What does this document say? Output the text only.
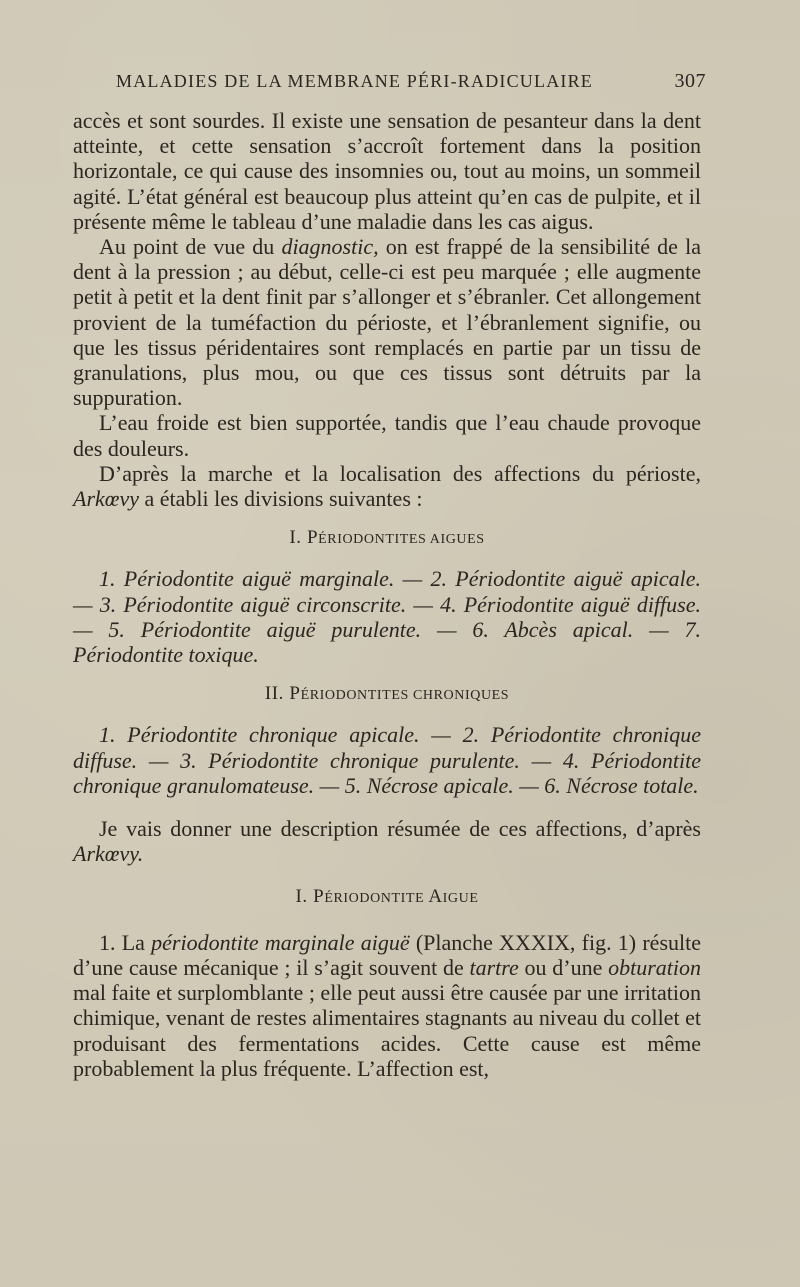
MALADIES DE LA MEMBRANE PÉRI-RADICULAIRE	307

accès et sont sourdes. Il existe une sensation de pesanteur dans la dent atteinte, et cette sensation s’accroît fortement dans la position horizontale, ce qui cause des insomnies ou, tout au moins, un sommeil agité. L’état général est beaucoup plus atteint qu’en cas de pulpite, et il présente même le tableau d’une maladie dans les cas aigus.

Au point de vue du diagnostic, on est frappé de la sensibilité de la dent à la pression ; au début, celle-ci est peu marquée ; elle augmente petit à petit et la dent finit par s’allonger et s’ébranler. Cet allongement provient de la tuméfaction du périoste, et l’ébranlement signifie, ou que les tissus péridentaires sont remplacés en partie par un tissu de granulations, plus mou, ou que ces tissus sont détruits par la suppuration.

L’eau froide est bien supportée, tandis que l’eau chaude provoque des douleurs.

D’après la marche et la localisation des affections du périoste, Arkœvy a établi les divisions suivantes :

I. PÉRIODONTITES AIGUES

1. Périodontite aiguë marginale. — 2. Périodontite aiguë apicale. — 3. Périodontite aiguë circonscrite. — 4. Périodontite aiguë diffuse. — 5. Périodontite aiguë purulente. — 6. Abcès apical. — 7. Périodontite toxique.

II. PÉRIODONTITES CHRONIQUES

1. Périodontite chronique apicale. — 2. Périodontite chronique diffuse. — 3. Périodontite chronique purulente. — 4. Périodontite chronique granulomateuse. — 5. Nécrose apicale. — 6. Nécrose totale.

Je vais donner une description résumée de ces affections, d’après Arkœvy.

I. PÉRIODONTITE AIGUE

1. La périodontite marginale aiguë (Planche XXXIX, fig. 1) résulte d’une cause mécanique ; il s’agit souvent de tartre ou d’une obturation mal faite et surplomblante ; elle peut aussi être causée par une irritation chimique, venant de restes alimentaires stagnants au niveau du collet et produisant des fermentations acides. Cette cause est même probablement la plus fréquente. L’affection est,
